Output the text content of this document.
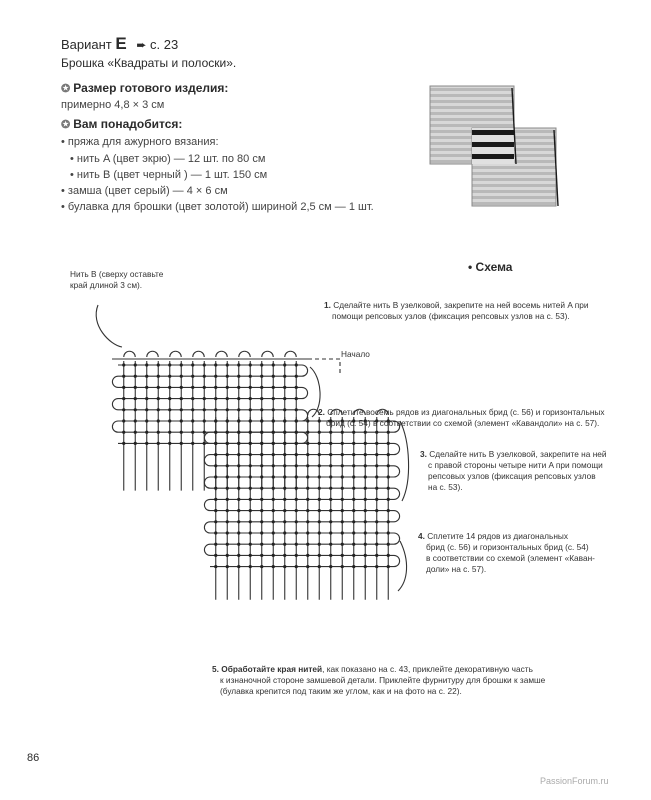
Вариант E ➨ с. 23
Брошка «Квадраты и полоски».
✪ Размер готового изделия:
примерно 4,8 × 3 см
✪ Вам понадобится:
• пряжа для ажурного вязания:
• нить A (цвет экрю) — 12 шт. по 80 см
• нить B (цвет черный ) — 1 шт. 150 см
• замша (цвет серый) — 4 × 6 см
• булавка для брошки (цвет золотой) шириной 2,5 см — 1 шт.
• Схема
Нить B (сверху оставьте
край длиной 3 см).
Начало
1. Сделайте нить B узелковой, закрепите на ней восемь нитей A при
помощи репсовых узлов (фиксация репсовых узлов на с. 53).
2. Сплетите восемь рядов из диагональных брид (с. 56) и горизонтальных
брид (с. 54) в соответствии со схемой (элемент «Кавандоли» на с. 57).
3. Сделайте нить B узелковой, закрепите на ней
с правой стороны четыре нити A при помощи
репсовых узлов (фиксация репсовых узлов
на с. 53).
4. Сплетите 14 рядов из диагональных
брид (с. 56) и горизонтальных брид (с. 54)
в соответствии со схемой (элемент «Каван-
доли» на с. 57).
5. Обработайте края нитей, как показано на с. 43, приклейте декоративную часть
к изнаночной стороне замшевой детали. Приклейте фурнитуру для брошки к замше
(булавка крепится под таким же углом, как и на фото на с. 22).
86
PassionForum.ru
